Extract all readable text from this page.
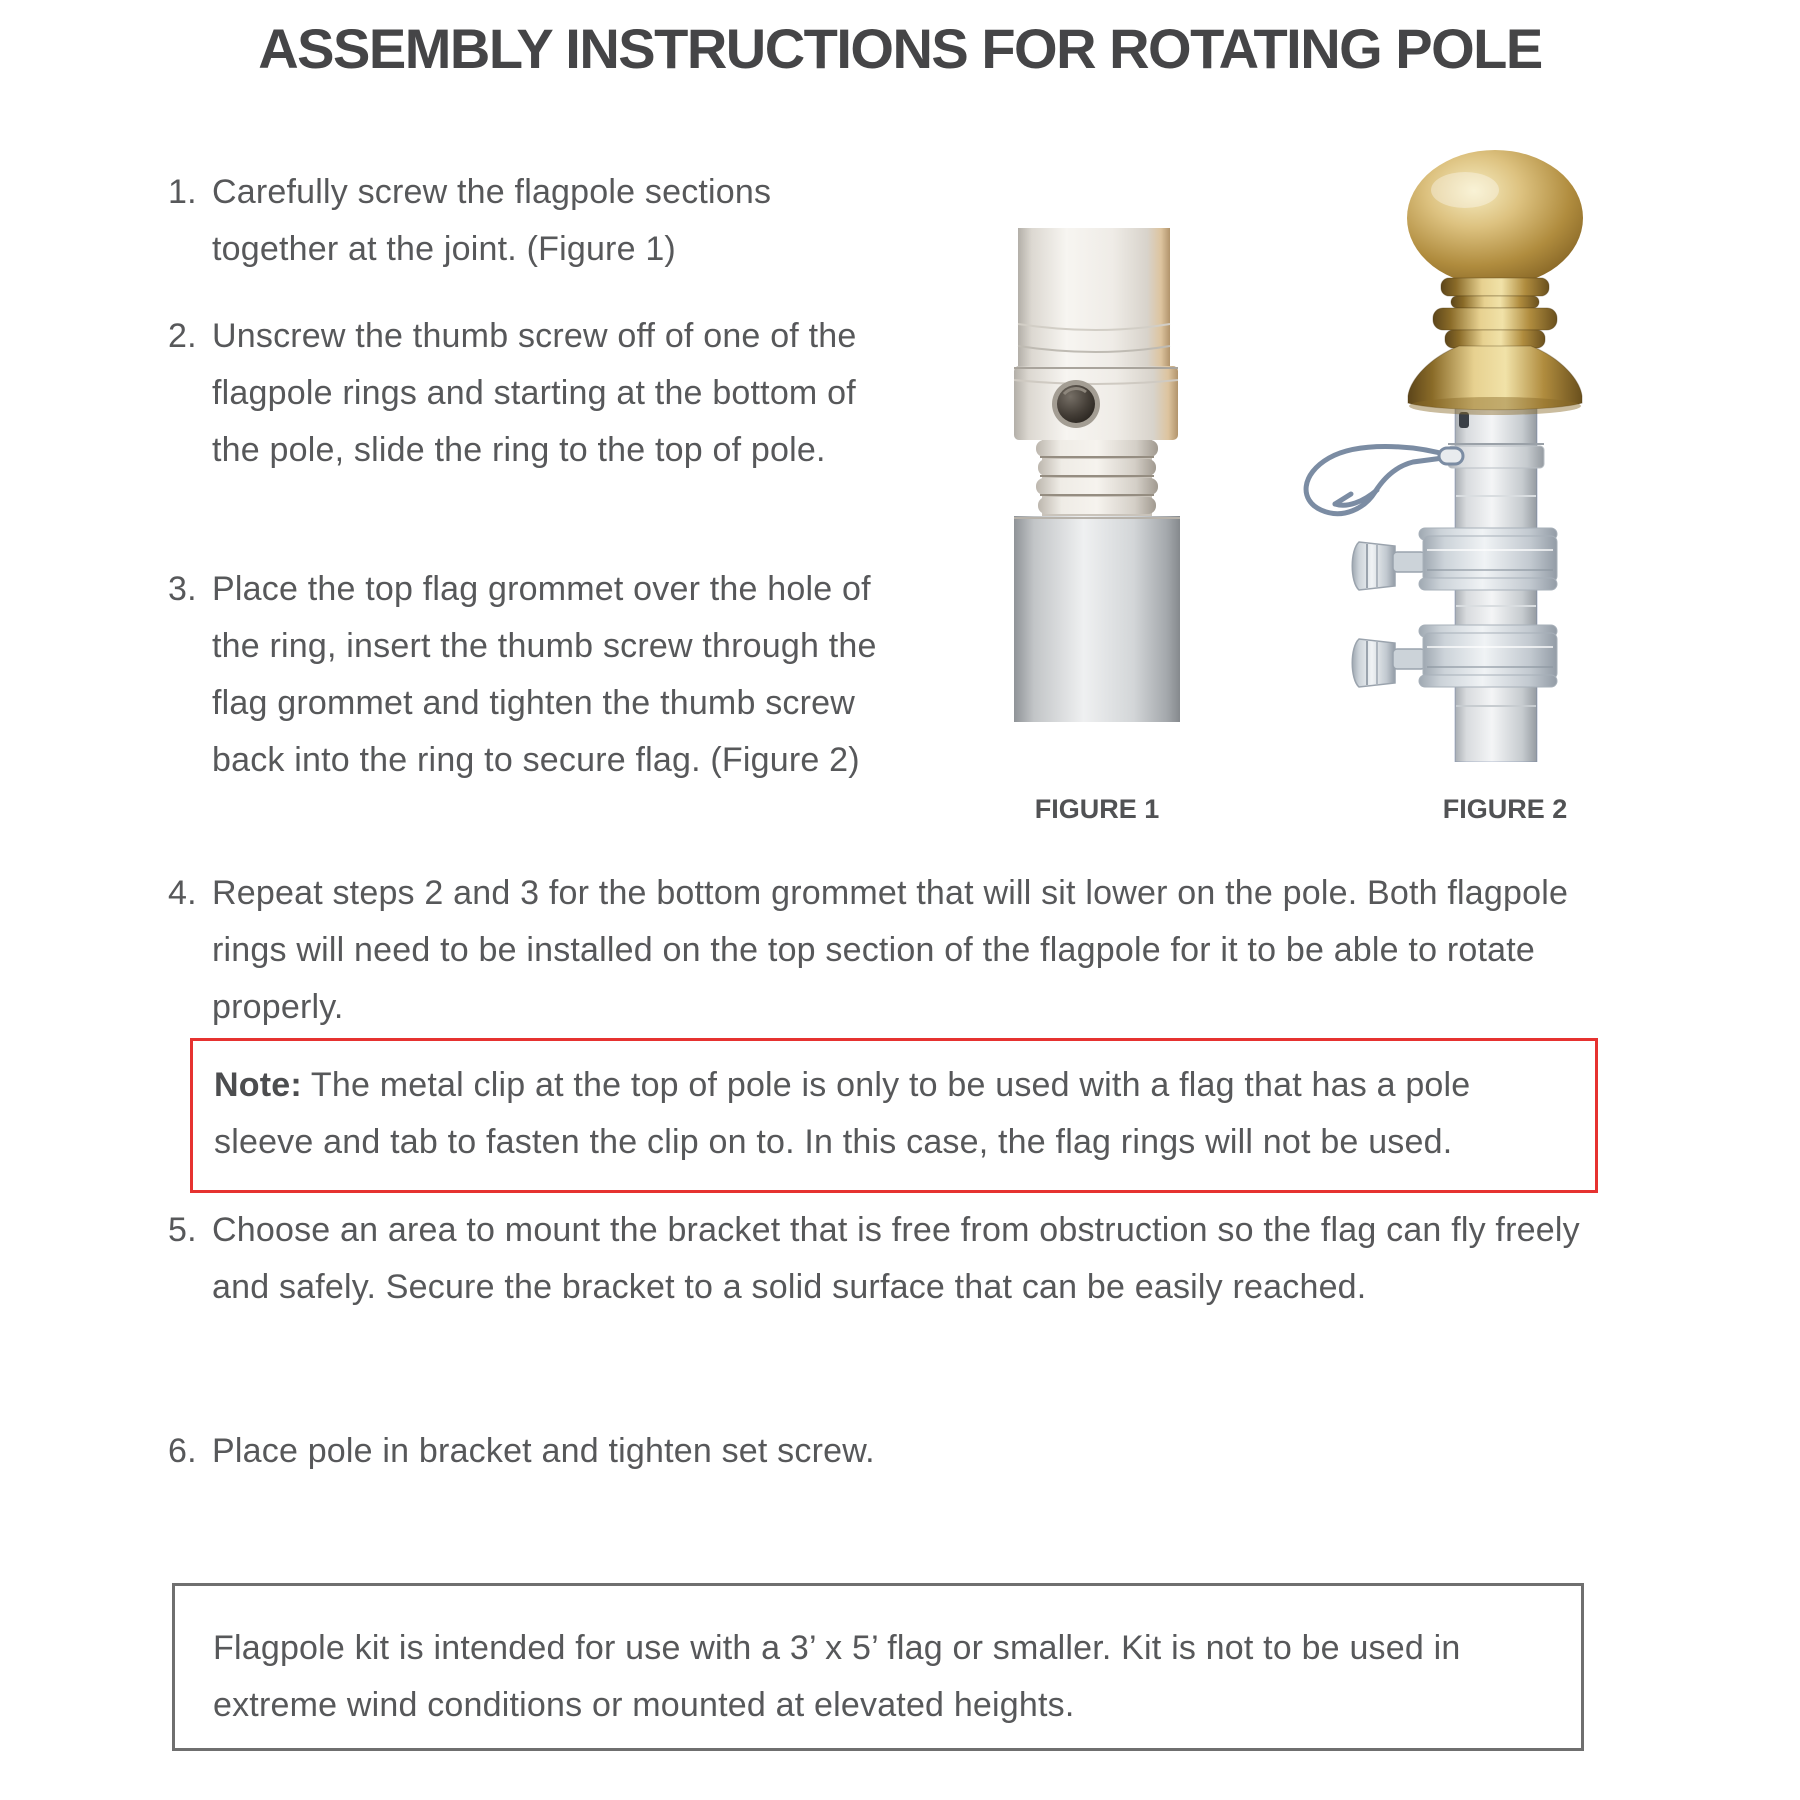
ASSEMBLY INSTRUCTIONS FOR ROTATING POLE
1. Carefully screw the flagpole sections together at the joint. (Figure 1)
2. Unscrew the thumb screw off of one of the flagpole rings and starting at the bottom of the pole, slide the ring to the top of pole.
3. Place the top flag grommet over the hole of the ring, insert the thumb screw through the flag grommet and tighten the thumb screw back into the ring to secure flag. (Figure 2)
4. Repeat steps 2 and 3 for the bottom grommet that will sit lower on the pole. Both flagpole rings will need to be installed on the top section of the flagpole for it to be able to rotate properly.
5. Choose an area to mount the bracket that is free from obstruction so the flag can fly freely and safely. Secure the bracket to a solid surface that can be easily reached.
6. Place pole in bracket and tighten set screw.
Note: The metal clip at the top of pole is only to be used with a flag that has a pole sleeve and tab to fasten the clip on to. In this case, the flag rings will not be used.
FIGURE 1	FIGURE 2
Flagpole kit is intended for use with a 3’ x 5’ flag or smaller. Kit is not to be used in extreme wind conditions or mounted at elevated heights.
